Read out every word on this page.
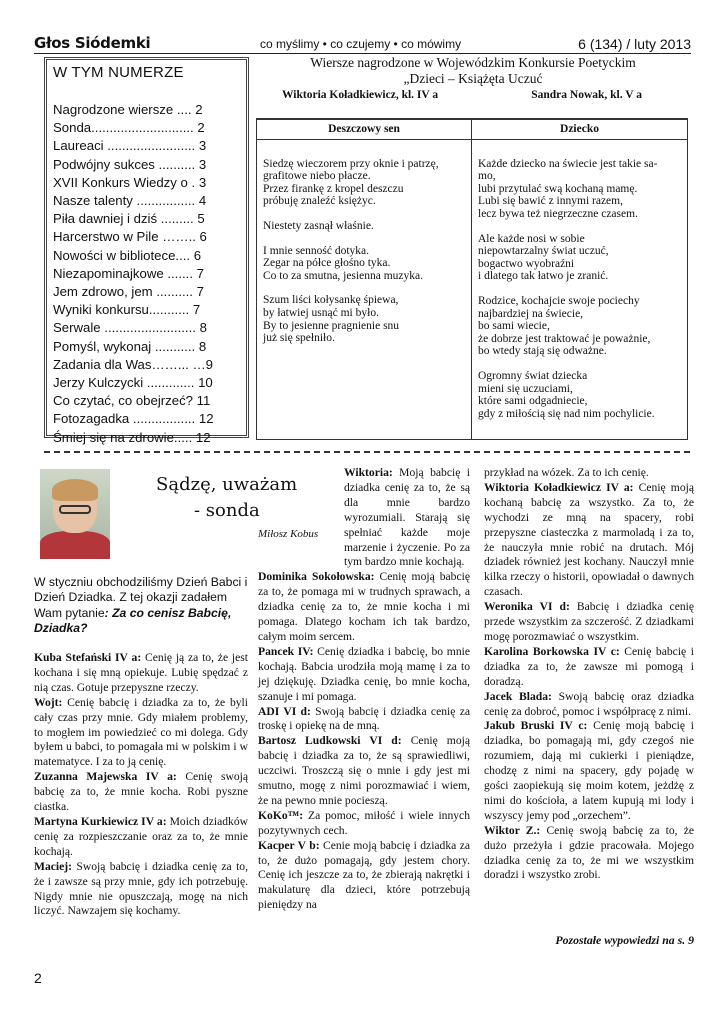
Głos Siódemki	co myślimy • co czujemy • co mówimy	6 (134) / luty 2013
W TYM NUMERZE
Nagrodzone wiersze .... 2
Sonda............................ 2
Laureaci ........................ 3
Podwójny sukces .......... 3
XVII Konkurs Wiedzy o . 3
Nasze talenty ................ 4
Piła dawniej i dziś ......... 5
Harcerstwo w Pile …….. 6
Nowości w bibliotece.... 6
Niezapominajkowe ....... 7
Jem zdrowo, jem .......... 7
Wyniki konkursu........... 7
Serwale ......................... 8
Pomyśl, wykonaj ........... 8
Zadania dla Was……... …9
Jerzy Kulczycki ............. 10
Co czytać, co obejrzeć? 11
Fotozagadka ................. 12
Śmiej się na zdrowie..... 12
Wiersze nagrodzone w Wojewódzkim Konkursie Poetyckim
„Dzieci – Książęta Uczuć
Wiktoria Koładkiewicz, kl. IV a	Sandra Nowak, kl. V a
Deszczowy sen

Siedzę wieczorem przy oknie i patrzę,
grafitowe niebo płacze.
Przez firankę z kropel deszczu
próbuję znaleźć księżyc.

Niestety zasnął właśnie.

I mnie senność dotyka.
Zegar na półce głośno tyka.
Co to za smutna, jesienna muzyka.

Szum liści kołysankę śpiewa,
by łatwiej usnąć mi było.
By to jesienne pragnienie snu
już się spełniło.

Dziecko

Każde dziecko na świecie jest takie sa-
mo,
lubi przytulać swą kochaną mamę.
Lubi się bawić z innymi razem,
lecz bywa też niegrzeczne czasem.

Ale każde nosi w sobie
niepowtarzalny świat uczuć,
bogactwo wyobraźni
i dlatego tak łatwo je zranić.

Rodzice, kochajcie swoje pociechy
najbardziej na świecie,
bo sami wiecie,
że dobrze jest traktować je poważnie,
bo wtedy stają się odważne.

Ogromny świat dziecka
mieni się uczuciami,
które sami odgadniecie,
gdy z miłością się nad nim pochylicie.

Sądzę, uważam
- sonda
Miłosz Kobus
W styczniu obchodziliśmy Dzień Babci i Dzień Dziadka. Z tej okazji zadałem Wam pytanie: Za co cenisz Babcię, Dziadka?

Kuba Stefański IV a: Cenię ją za to, że jest kochana i się mną opiekuje. Lubię spędzać z nią czas. Gotuje przepyszne rzeczy.

Wojt: Cenię babcię i dziadka za to, że byli cały czas przy mnie. Gdy miałem problemy, to mogłem im powiedzieć co mi dolega. Gdy byłem u babci, to pomagała mi w polskim i w matematyce. I za to ją cenię.

Zuzanna Majewska IV a: Cenię swoją babcię za to, że mnie kocha. Robi pyszne ciastka.

Martyna Kurkiewicz IV a: Moich dziadków cenię za rozpieszczanie oraz za to, że mnie kochają.

Maciej: Swoją babcię i dziadka cenię za to, że i zawsze są przy mnie, gdy ich potrzebuję. Nigdy mnie nie opuszczają, mogę na nich liczyć. Nawzajem się kochamy.

Wiktoria: Moją babcię i dziadka cenię za to, że są dla mnie bardzo wyrozumiali. Starają się spełniać każde moje marzenie i życzenie. Po za tym bardzo mnie kochają.

Dominika Sokołowska: Cenię moją babcię za to, że pomaga mi w trudnych sprawach, a dziadka cenię za to, że mnie kocha i mi pomaga. Dlatego kocham ich tak bardzo, całym moim sercem.

Pancek IV: Cenię dziadka i babcię, bo mnie kochają. Babcia urodziła moją mamę i za to jej dziękuję. Dziadka cenię, bo mnie kocha, szanuje i mi pomaga.

ADI VI d: Swoją babcię i dziadka cenię za troskę i opiekę na de mną.

Bartosz Ludkowski VI d: Cenię moją babcię i dziadka za to, że są sprawiedliwi, uczciwi. Troszczą się o mnie i gdy jest mi smutno, mogę z nimi porozmawiać i wiem, że na pewno mnie pocieszą.

KoKo™: Za pomoc, miłość i wiele innych pozytywnych cech.

Kacper V b: Cenie moją babcię i dziadka za to, że dużo pomagają, gdy jestem chory. Cenię ich jeszcze za to, że zbierają nakrętki i makulaturę dla dzieci, które potrzebują pieniędzy na

przykład na wózek. Za to ich cenię.

Wiktoria Koładkiewicz IV a: Cenię moją kochaną babcię za wszystko. Za to, że wychodzi ze mną na spacery, robi przepyszne ciasteczka z marmoladą i za to, że nauczyła mnie robić na drutach. Mój dziadek również jest kochany. Nauczył mnie kilka rzeczy o historii, opowiadał o dawnych czasach.

Weronika VI d: Babcię i dziadka cenię przede wszystkim za szczerość. Z dziadkami mogę porozmawiać o wszystkim.

Karolina Borkowska IV c: Cenię babcię i dziadka za to, że zawsze mi pomogą i doradzą.

Jacek Blada: Swoją babcię oraz dziadka cenię za dobroć, pomoc i współpracę z nimi.

Jakub Bruski IV c: Cenię moją babcię i dziadka, bo pomagają mi, gdy czegoś nie rozumiem, dają mi cukierki i pieniądze, chodzę z nimi na spacery, gdy pojadę w gości zaopiekują się moim kotem, jeżdżę z nimi do kościoła, a latem kupują mi lody i wszyscy jemy pod „orzechem”.

Wiktor Z.: Cenię swoją babcię za to, że dużo przeżyła i gdzie pracowała. Mojego dziadka cenię za to, że mi we wszystkim doradzi i wszystko zrobi.

Pozostałe wypowiedzi na s. 9
2
